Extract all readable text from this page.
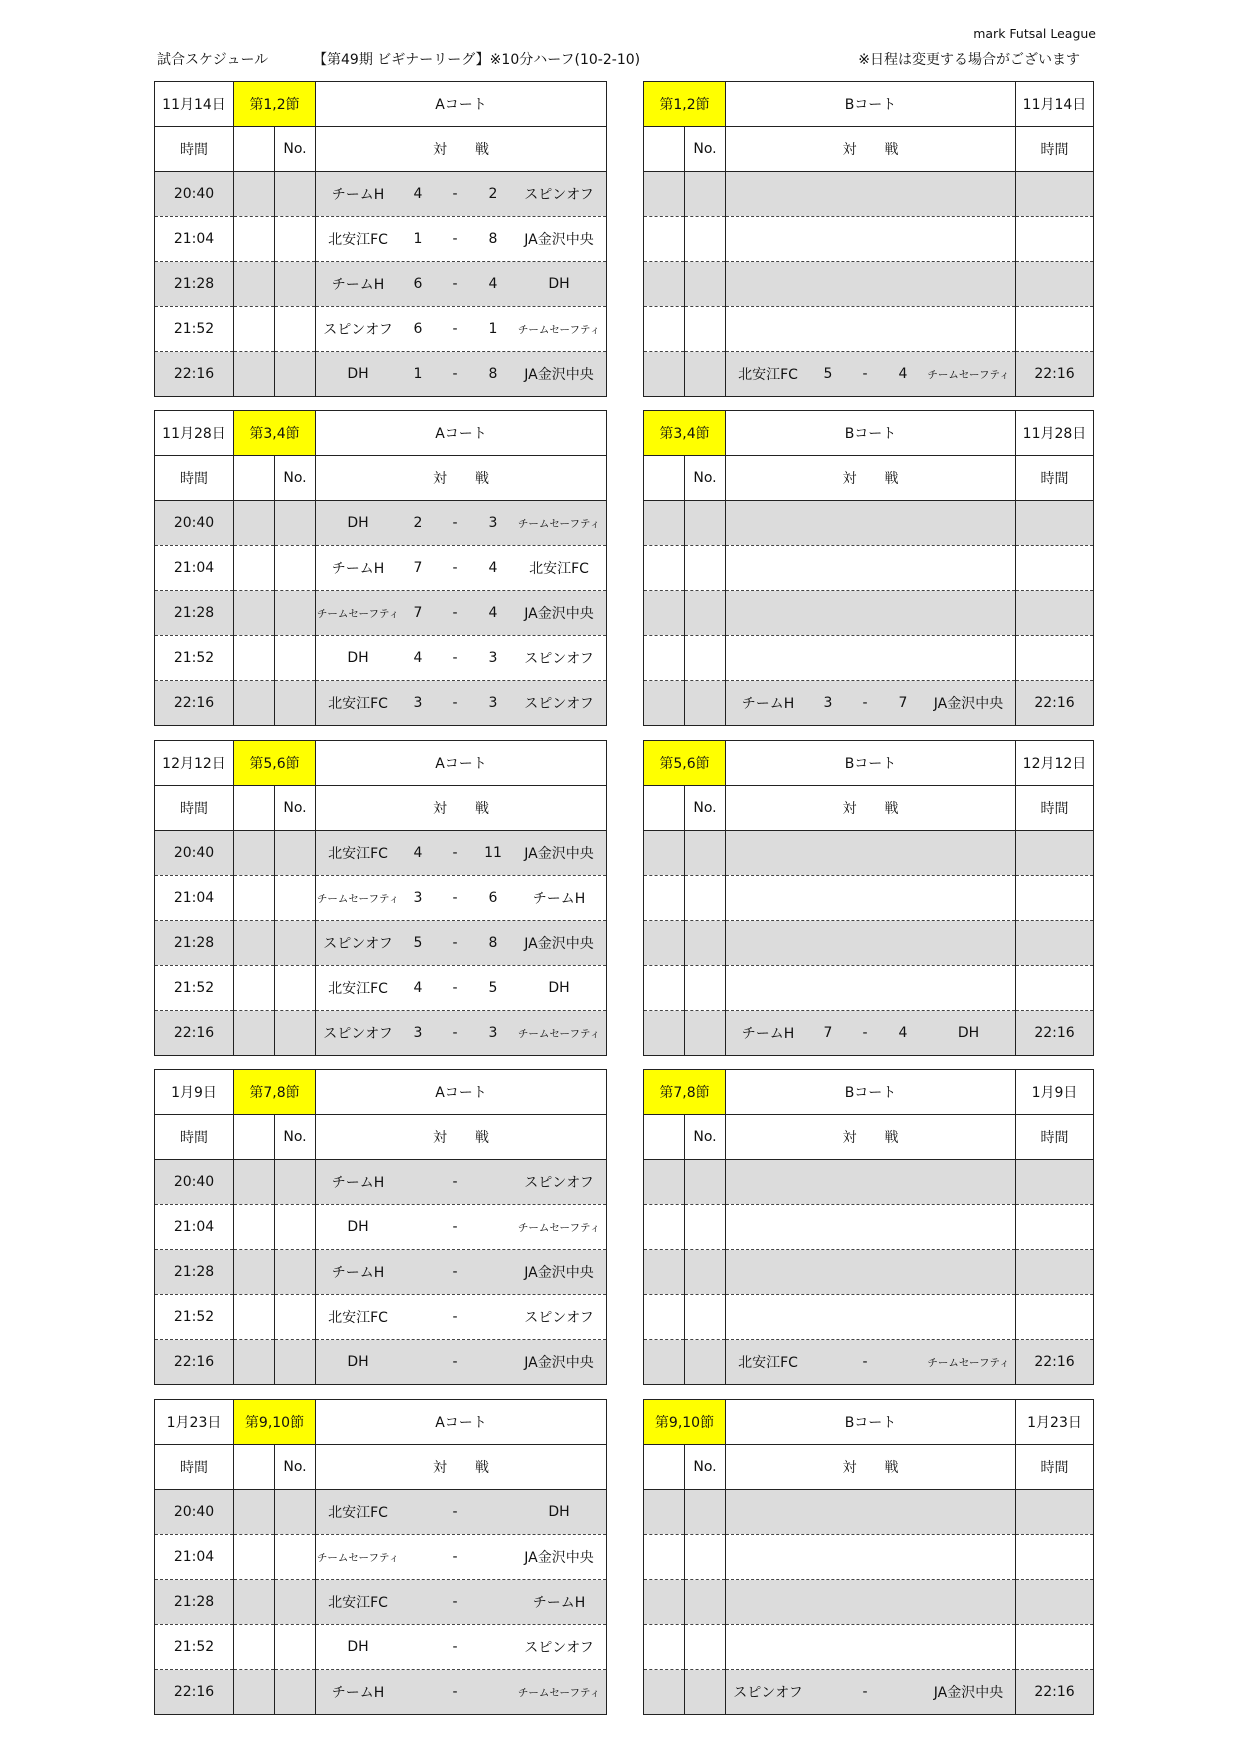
mark Futsal League
試合スケジュール	【第49期 ビギナーリーグ】※10分ハーフ(10-2-10)	※日程は変更する場合がございます
11月14日	第1,2節		Aコート
時間		No.	対　　戦
20:40			チームH 4 - 2 スピンオフ

21:04			北安江FC 1 - 8 JA金沢中央

21:28			チームH 6 - 4 DH

21:52			スピンオフ 6 - 1 チームセーフティ

22:16			DH 1 - 8 JA金沢中央
第1,2節		Bコート	11月14日
	No.	対　　戦	時間

		北安江FC 5 - 4 チームセーフティ	22:16
11月28日	第3,4節		Aコート
時間		No.	対　　戦
20:40			DH 2 - 3 チームセーフティ

21:04			チームH 7 - 4 北安江FC

21:28			チームセーフティ 7 - 4 JA金沢中央

21:52			DH 4 - 3 スピンオフ

22:16			北安江FC 3 - 3 スピンオフ
第3,4節		Bコート	11月28日
	No.	対　　戦	時間

		チームH 3 - 7 JA金沢中央	22:16
12月12日	第5,6節		Aコート
時間		No.	対　　戦
20:40			北安江FC 4 - 11 JA金沢中央

21:04			チームセーフティ 3 - 6 チームH

21:28			スピンオフ 5 - 8 JA金沢中央

21:52			北安江FC 4 - 5 DH

22:16			スピンオフ 3 - 3 チームセーフティ
第5,6節		Bコート	12月12日
	No.	対　　戦	時間

		チームH 7 - 4 DH	22:16
1月9日	第7,8節		Aコート
時間		No.	対　　戦
20:40			チームH - スピンオフ

21:04			DH - チームセーフティ

21:28			チームH - JA金沢中央

21:52			北安江FC - スピンオフ

22:16			DH - JA金沢中央
第7,8節		Bコート	1月9日
	No.	対　　戦	時間

		北安江FC - チームセーフティ	22:16
1月23日	第9,10節		Aコート
時間		No.	対　　戦
20:40			北安江FC - DH

21:04			チームセーフティ - JA金沢中央

21:28			北安江FC - チームH

21:52			DH - スピンオフ

22:16			チームH - チームセーフティ
第9,10節		Bコート	1月23日
	No.	対　　戦	時間

		スピンオフ - JA金沢中央	22:16
